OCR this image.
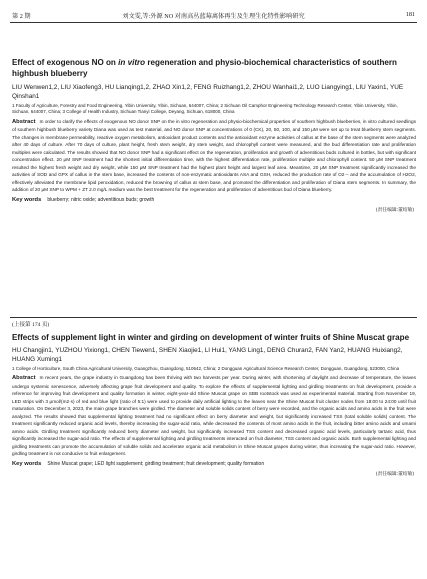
第 2 期	刘文雯,等:外源 NO 对南高丛蓝莓离体再生及生理生化特性影响研究	181
Effect of exogenous NO on in vitro regeneration and physio-biochemical characteristics of southern highbush blueberry
LIU Wenwen1,2, LIU Xiaofeng3, HU Lianqing1,2, ZHAO Xin1,2, FENG Ruizhang1,2, ZHOU Wanhai1,2, LUO Liangying1, LIU Yaxin1, YUE Qinshan1
1 Faculty of Agriculture, Forestry and Food Engineering, Yibin University, Yibin, Sichuan, 644007, China; 2 Sichuan Oil Camphor Engineering Technology Research Center, Yibin University, Yibin, Sichuan, 644007, China; 3 College of Health Industry, Sichuan Tianyi College, Deyang, Sichuan, 618000, China
Abstract In order to clarify the effects of exogenous NO donor SNP on the in vitro regeneration and physio-biochemical properties of southern highbush blueberries, in vitro cultured seedlings of southern highbush blueberry variety Diana was used as test material, and NO donor SNP at concentrations of 0 (CK), 20, 50, 100, and 150 μM were set up to treat blueberry stem segments. The changes in membrane permeability, reactive oxygen metabolism, antioxidant product contents and the antioxidant enzyme activities of callus at the base of the stem segments were analyzed after 40 days of culture. After 70 days of culture, plant height, fresh stem weight, dry stem weight, and chlorophyll content were measured, and the bud differentiation rate and proliferation multiples were calculated. The results showed that NO donor SNP had a significant effect on the regeneration, proliferation and growth of adventitious buds cultured in bottles, but with significant concentration effect. 20 μM SNP treatment had the shortest initial differentiation time, with the highest differentiation rate, proliferation multiple and chlorophyll content. 50 μM SNP treatment resulted the highest fresh weight and dry weight, while 150 μM SNP treatment had the highest plant height and largest leaf area. Meantime, 20 μM SNP treatment significantly increased the activities of SOD and GPX of callus in the stem base, increased the contents of non-enzymatic antioxidants ASA and GSH, reduced the production rate of O2·− and the accumulation of H2O2, effectively alleviated the membrane lipid peroxidation, reduced the browning of callus at stem base, and promoted the differentiation and proliferation of Diana stem segments. In summary, the addition of 20 μM SNP to WPM + ZT 2.0 mg/L medium was the best treatment for the regeneration and proliferation of adventitious bud of Diana blueberry.
Key words blueberry; nitric oxide; adventitious buds; growth
(责任编辑:董绍敏)
(上接第 174 页)
Effects of supplement light in winter and girding on development of winter fruits of Shine Muscat grape
HU Changjin1, YUZHOU Yixiong1, CHEN Tiewen1, SHEN Xiaojie1, LI Hui1, YANG Ling1, DENG Churan2, FAN Yan2, HUANG Huixiang2, HUANG Xuming1
1 College of Horticulture, South China Agricultural University, Guangzhou, Guangdong, 510642, China; 2 Dongguan Agricultural Science Research Center, Dongguan, Guangdong, 523000, China
Abstract In recent years, the grape industry in Guangdong has been thriving with two harvests per year. During winter, with shortening of daylight and decrease of temperature, the leaves undergo systemic senescence, adversely affecting grape fruit development and quality. To explore the effects of supplemental lighting and girdling treatments on fruit development, provide a reference for improving fruit development and quality formation in winter, eight-year-old Shine Muscat grape on SBB rootstock was used as experimental material. Starting from November 19, LED strips with 3 μmol/(m2·s) of red and blue light (ratio of 5:1) were used to provide daily artificial lighting to the leaves near the Shine Muscat fruit cluster nodes from 18:00 to 24:00 until fruit maturation. On December 3, 2023, the main grape branches were girdled. The diameter and soluble solids content of berry were recorded, and the organic acids and amino acids in the fruit were analyzed. The results showed that supplemental lighting treatment had no significant effect on berry diameter and weight, but significantly increased TSS (total soluble solids) content. The treatment significantly reduced organic acid levels, thereby increasing the sugar-acid ratio, while decreased the contents of most amino acids in the fruit, including bitter amino acids and umami amino acids. Girdling treatment significantly reduced berry diameter and weight, but significantly increased TSS content and decreased organic acid levels, particularly tartaric acid, thus significantly increased the sugar-acid ratio. The effects of supplemental lighting and girdling treatments interacted on fruit diameter, TSS content and organic acids. Both supplemental lighting and girdling treatments can promote the accumulation of soluble solids and accelerate organic acid metabolism in Shine Muscat grapes during winter, thus increasing the sugar-acid ratio. However, girdling treatment is not conducive to fruit enlargement.
Key words Shine Muscat grape; LED light supplement; girdling treatment; fruit development; quality formation
(责任编辑:董绍敏)
